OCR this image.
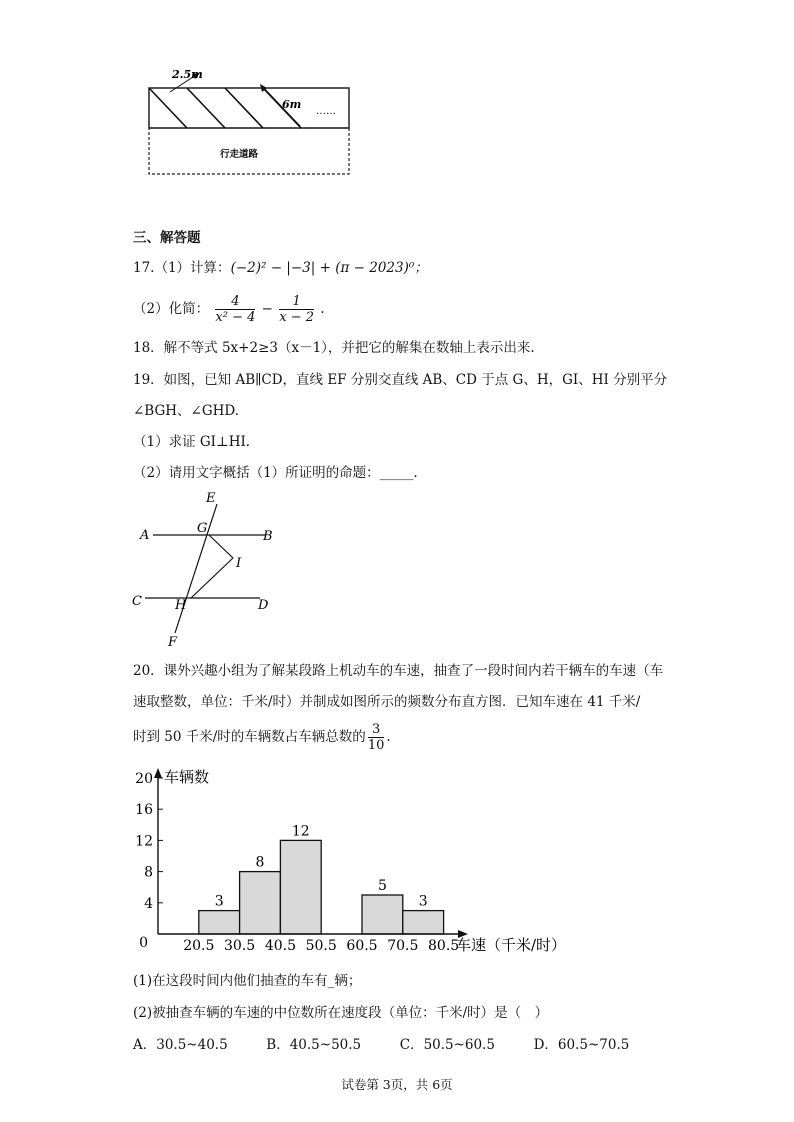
2.5m
6m
……
行走道路
三、解答题
17.（1）计算：(−2)² − |−3| + (π − 2023)⁰；
（2）化简： $\frac{4}{\text{x² − 4}} - \frac{1}{x - 2}$ .
18．解不等式 5x+2≥3（x－1），并把它的解集在数轴上表示出来.
19．如图，已知 AB∥CD，直线 EF 分别交直线 AB、CD 于点 G、H，GI、HI 分别平分
∠BGH、∠GHD.
（1）求证 GI⊥HI.
（2）请用文字概括（1）所证明的命题：_____.
E
A	G
B
I
C	H	D
F
20．课外兴趣小组为了解某段路上机动车的车速，抽查了一段时间内若干辆车的车速（车
速取整数，单位：千米/时）并制成如图所示的频数分布直方图．已知车速在 41 千米/
时到 50 千米/时的车辆数占车辆总数的 $\frac{3}{10}$ .
3
8
12
5
3
4
8
12
16
20
0	20.5 30.5 40.5 50.5 60.5 70.5 80.5
车辆数
车速（千米/时）
(1)在这段时间内他们抽查的车有_辆；
(2)被抽查车辆的车速的中位数所在速度段（单位：千米/时）是（　）
A．30.5~40.5	B．40.5~50.5	C．50.5~60.5	D．60.5~70.5
试卷第 3页，共 6页
